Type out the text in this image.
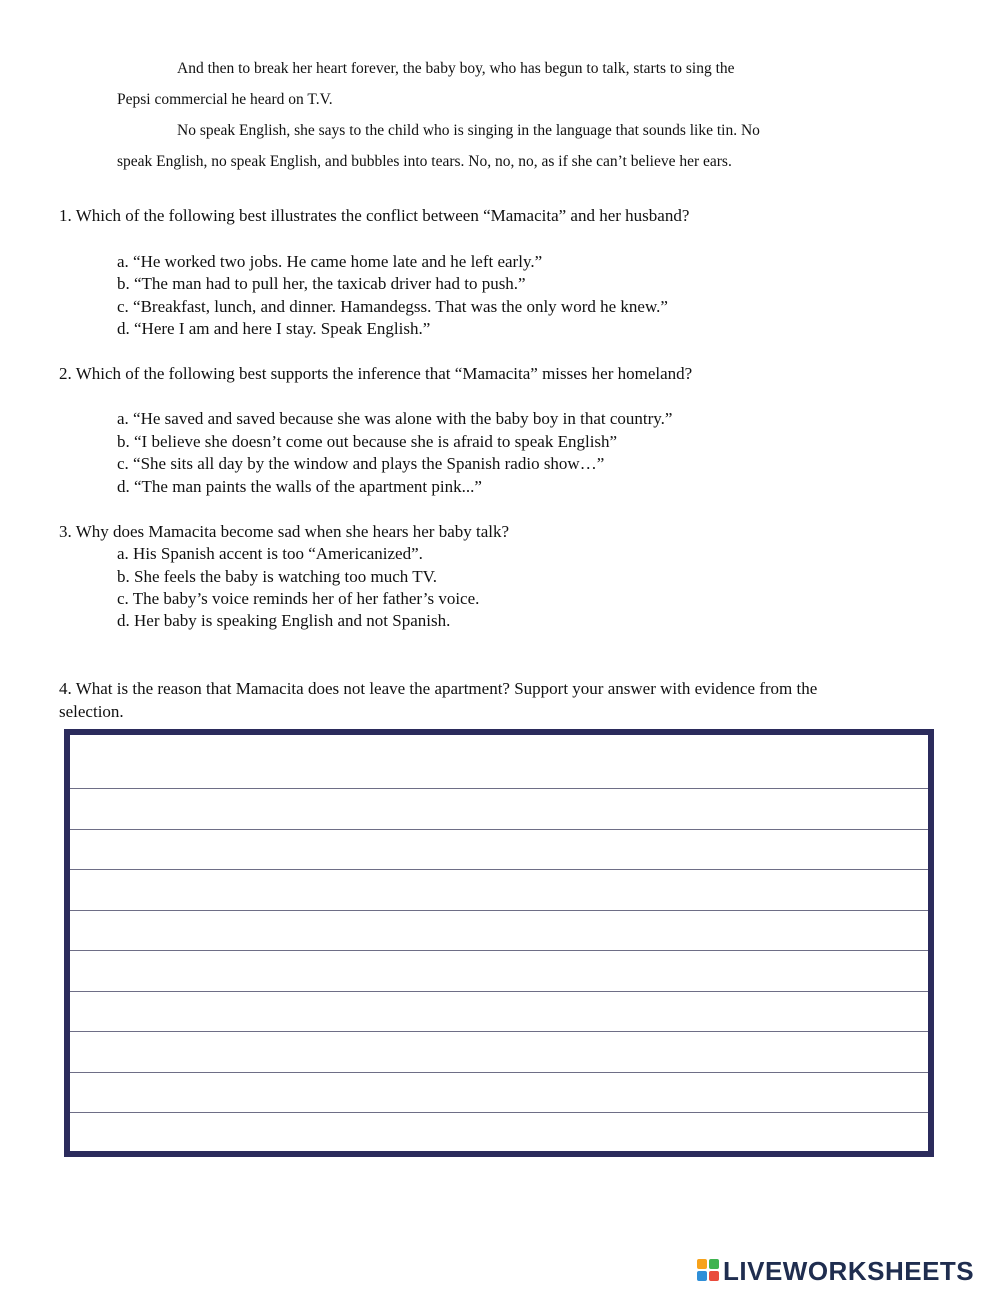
And then to break her heart forever, the baby boy, who has begun to talk, starts to sing the
Pepsi commercial he heard on T.V.
No speak English, she says to the child who is singing in the language that sounds like tin. No
speak English, no speak English, and bubbles into tears. No, no, no, as if she can’t believe her ears.
1. Which of the following best illustrates the conflict between “Mamacita” and her husband?
a. “He worked two jobs. He came home late and he left early.”
b. “The man had to pull her, the taxicab driver had to push.”
c. “Breakfast, lunch, and dinner. Hamandegss. That was the only word he knew.”
d. “Here I am and here I stay. Speak English.”
2. Which of the following best supports the inference that “Mamacita” misses her homeland?
a. “He saved and saved because she was alone with the baby boy in that country.”
b. “I believe she doesn’t come out because she is afraid to speak English”
c. “She sits all day by the window and plays the Spanish radio show…”
d. “The man paints the walls of the apartment pink...”
3. Why does Mamacita become sad when she hears her baby talk?
a. His Spanish accent is too “Americanized”.
b. She feels the baby is watching too much TV.
c. The baby’s voice reminds her of her father’s voice.
d. Her baby is speaking English and not Spanish.
4. What is the reason that Mamacita does not leave the apartment? Support your answer with evidence from the
selection.
LIVEWORKSHEETS
